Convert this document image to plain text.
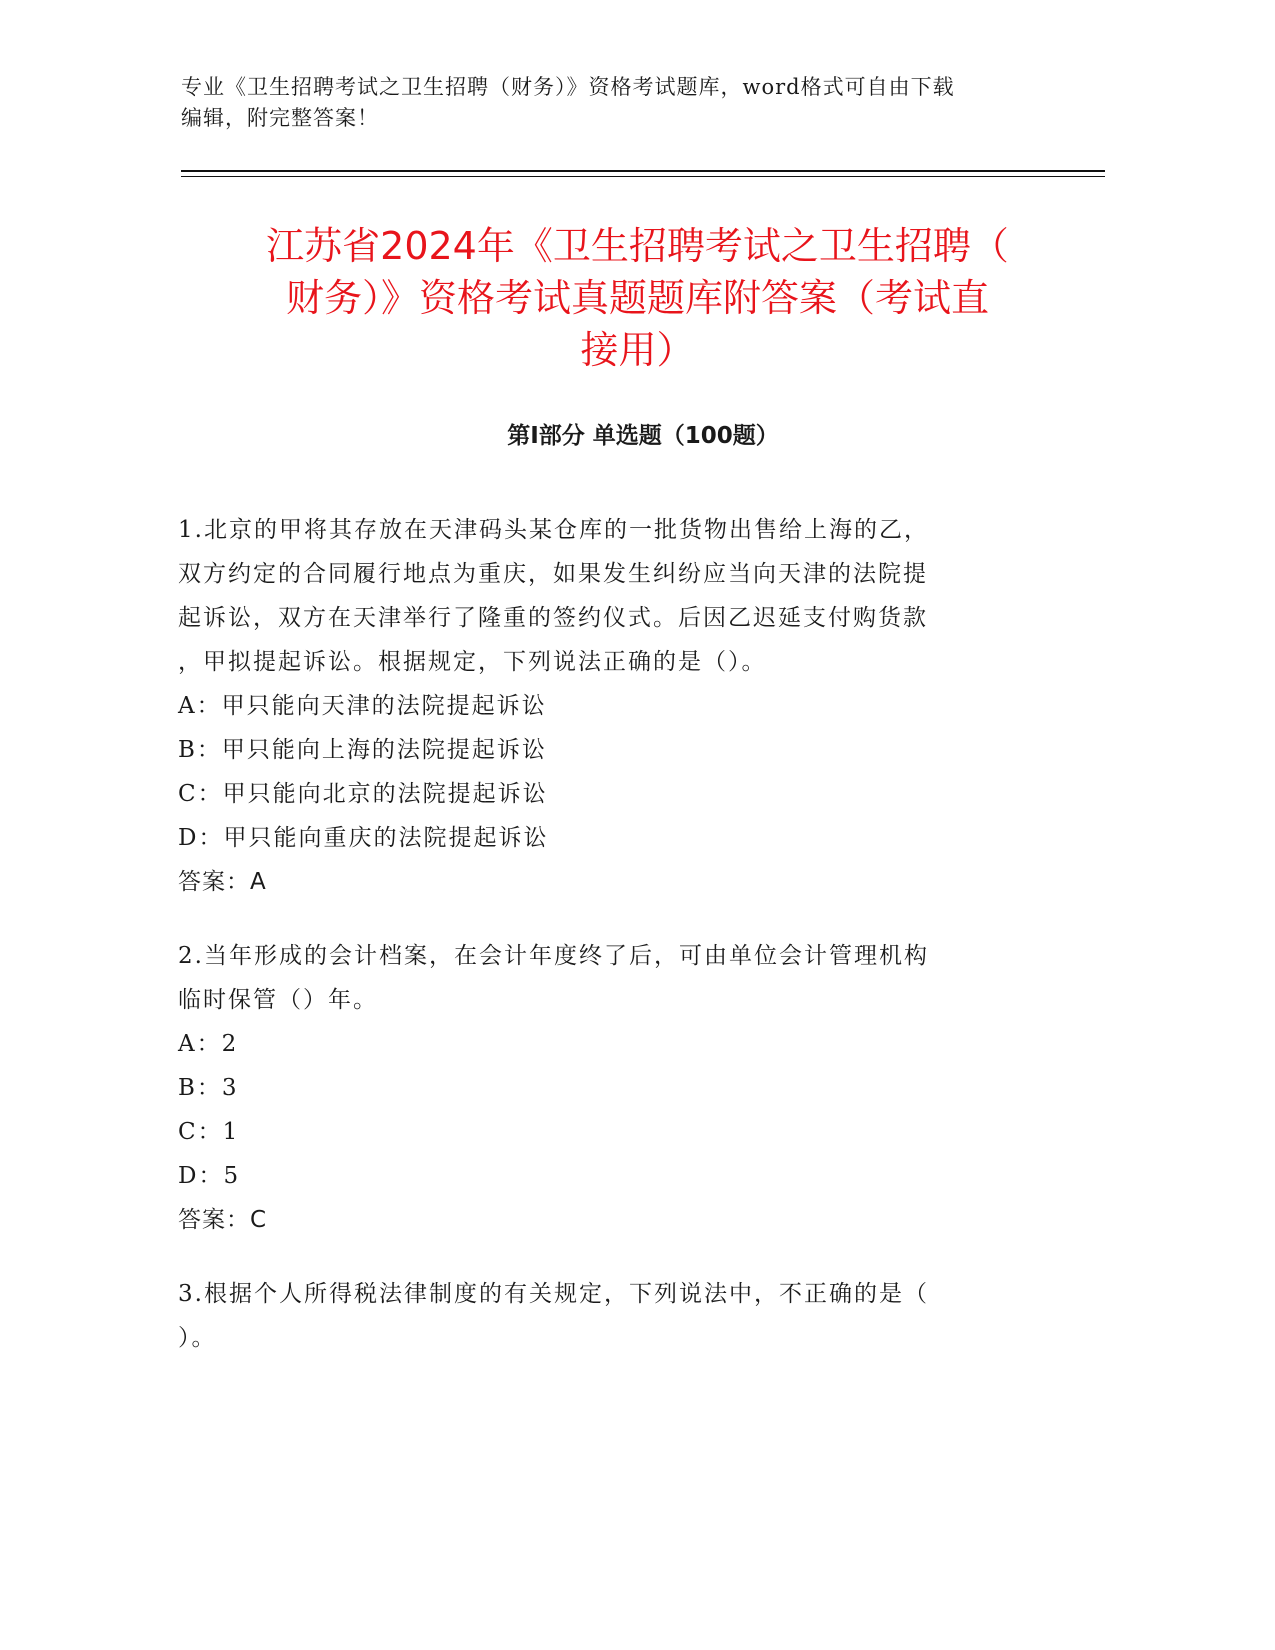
专业《卫生招聘考试之卫生招聘（财务）》资格考试题库，word格式可自由下载
编辑，附完整答案！
江苏省2024年《卫生招聘考试之卫生招聘（
财务）》资格考试真题题库附答案（考试直
接用）
第Ⅰ部分 单选题（100题）

1.北京的甲将其存放在天津码头某仓库的一批货物出售给上海的乙，

双方约定的合同履行地点为重庆，如果发生纠纷应当向天津的法院提

起诉讼，双方在天津举行了隆重的签约仪式。后因乙迟延支付购货款

，甲拟提起诉讼。根据规定，下列说法正确的是（）。

A：甲只能向天津的法院提起诉讼

B：甲只能向上海的法院提起诉讼

C：甲只能向北京的法院提起诉讼

D：甲只能向重庆的法院提起诉讼

答案：A

2.当年形成的会计档案，在会计年度终了后，可由单位会计管理机构

临时保管（）年。

A：2

B：3

C：1

D：5

答案：C

3.根据个人所得税法律制度的有关规定，下列说法中，不正确的是（

）。
